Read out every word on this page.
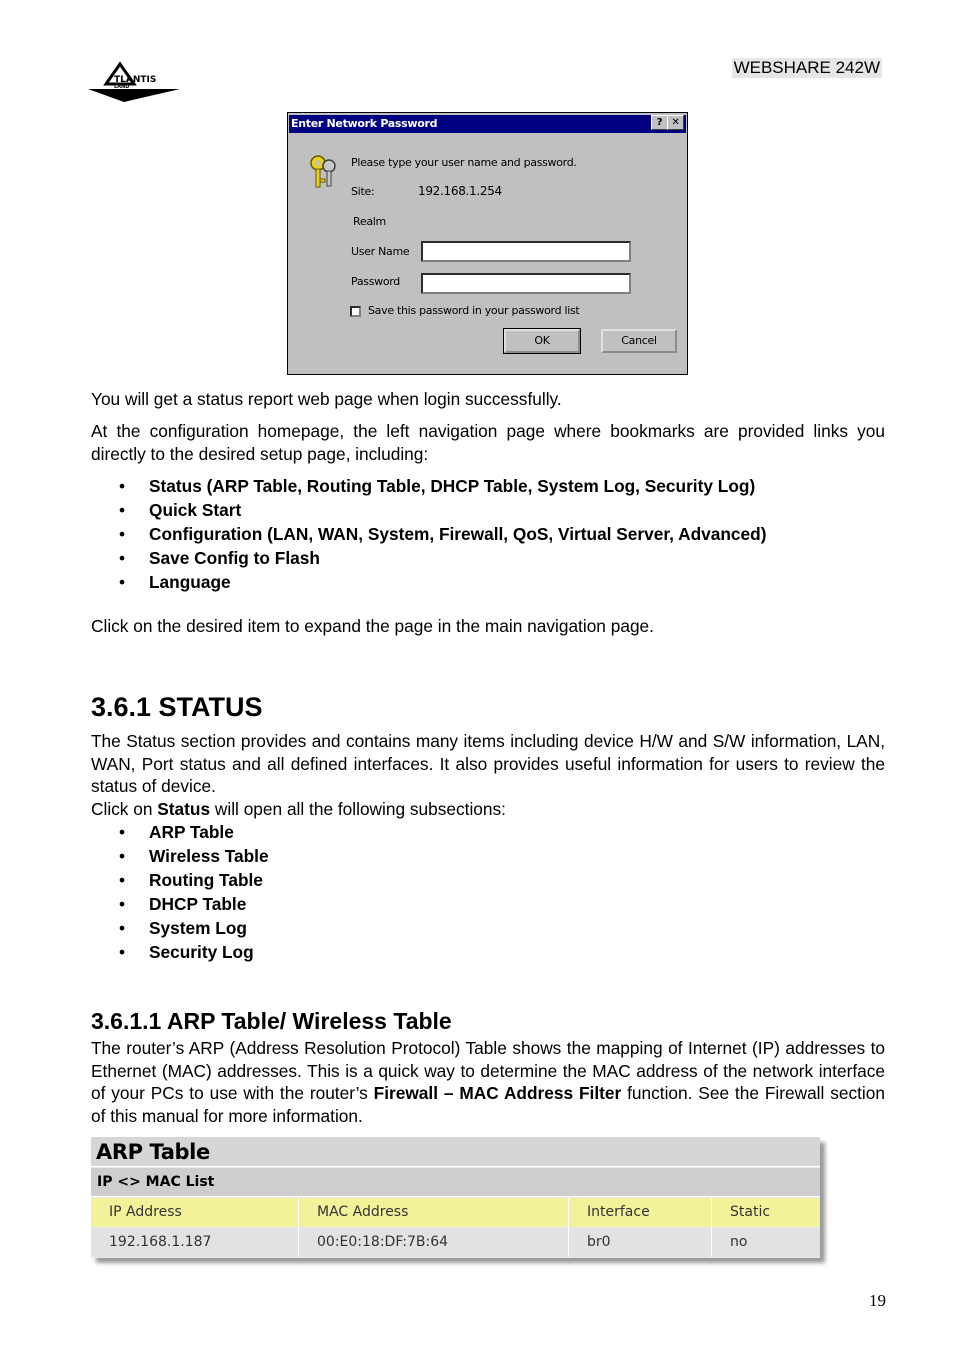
TLANTIS
LAND
WEBSHARE 242W
Enter Network Password	? ✕
Please type your user name and password.
Site:	192.168.1.254
Realm
User Name
Password
Save this password in your password list
OK	Cancel
You will get a status report web page when login successfully.
At the configuration homepage, the left navigation page where bookmarks are provided links you directly to the desired setup page, including:
• Status (ARP Table, Routing Table, DHCP Table, System Log, Security Log)
• Quick Start
• Configuration (LAN, WAN, System, Firewall, QoS, Virtual Server, Advanced)
• Save Config to Flash
• Language
Click on the desired item to expand the page in the main navigation page.
3.6.1 STATUS
The Status section provides and contains many items including device H/W and S/W information, LAN, WAN, Port status and all defined interfaces. It also provides useful information for users to review the status of device.
Click on Status will open all the following subsections:
• ARP Table
• Wireless Table
• Routing Table
• DHCP Table
• System Log
• Security Log
3.6.1.1 ARP Table/ Wireless Table
The router’s ARP (Address Resolution Protocol) Table shows the mapping of Internet (IP) addresses to Ethernet (MAC) addresses. This is a quick way to determine the MAC address of the network interface of your PCs to use with the router’s Firewall – MAC Address Filter function. See the Firewall section of this manual for more information.
ARP Table
IP <> MAC List
IP Address	MAC Address	Interface	Static
192.168.1.187	00:E0:18:DF:7B:64	br0	no
19
